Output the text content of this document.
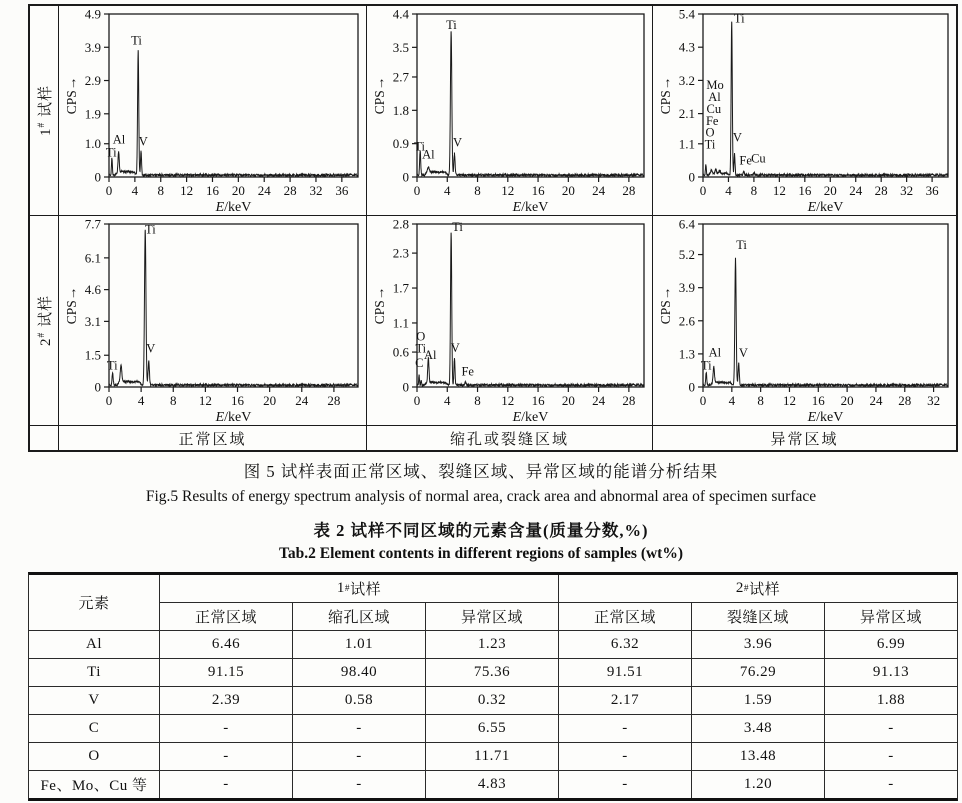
1# 试样
0
1.0
1.9
2.9
3.9
4.9
0 4 8 12 16 20 24 28 32 36
CPS→
E/keV
Ti
Al
Ti
V
0
0.9
1.8
2.7
3.5
4.4
0 4 8 12 16 20 24 28
CPS→
E/keV
Ti
Al
Ti
V
0
1.1
2.1
3.2
4.3
5.4
0 4 8 12 16 20 24 28 32 36
CPS→
E/keV
Mo
Al
Cu
Fe
O
Ti
Ti
V
Fe Cu
2# 试样
0
1.5
3.1
4.6
6.1
7.7
0 4 8 12 16 20 24 28
CPS→
E/keV
Ti
Ti
V
0
0.6
1.1
1.7
2.3
2.8
0 4 8 12 16 20 24 28
CPS→
E/keV
O
Ti
C
Al V
Fe
Ti
0
1.3
2.6
3.9
5.2
6.4
0 4 8 12 16 20 24 28 32
CPS→
E/keV
Ti
Al
Ti
V
正常区域	缩孔或裂缝区域	异常区域
图 5 试样表面正常区域、裂缝区域、异常区域的能谱分析结果
Fig.5 Results of energy spectrum analysis of normal area, crack area and abnormal area of specimen surface
表 2 试样不同区域的元素含量(质量分数,%)
Tab.2 Element contents in different regions of samples (wt%)
元素
1 # 试样	2 # 试样
正常区域	缩孔区域	异常区域	正常区域	裂缝区域	异常区域
Al	6.46	1.01	1.23	6.32	3.96	6.99
Ti	91.15	98.40	75.36	91.51	76.29	91.13
V	2.39	0.58	0.32	2.17	1.59	1.88
C	-	-	6.55	-	3.48	-
O	-	-	11.71	-	13.48	-
Fe、Mo、Cu 等	-	-	4.83	-	1.20	-
